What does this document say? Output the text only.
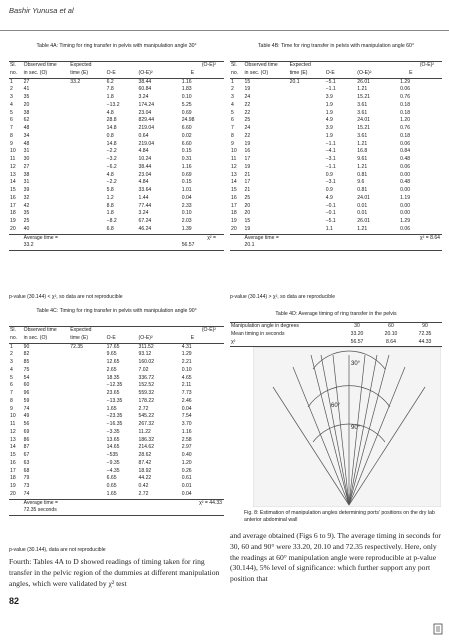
Bashir Yunusa et al
Table 4A: Timing for ring transfer in pelvis with manipulation angle 30°
Sl.	Observed time	Expected		(O-E)²	
no.	in sec. (O)	time (E)	O-E	(O-E)²	E
1	27	33.2	6.2	38.44	1.16
2	41		7.8	60.84	1.83
3	35		1.8	3.24	0.10
4	20		−13.2	174.24	5.25
5	38		4.8	23.04	0.69
6	62		28.8	829.44	24.98
7	48		14.8	219.04	6.60
8	34		0.8	0.64	0.02
9	48		14.8	219.04	6.60
10	31		−2.2	4.84	0.15
11	30		−3.2	10.24	0.31
12	27		−6.2	38.44	1.16
13	38		4.8	23.04	0.69
14	31		−2.2	4.84	0.15
15	39		5.8	33.64	1.01
16	32		1.2	1.44	0.04
17	42		8.8	77.44	2.33
18	35		1.8	3.24	0.10
19	25		−8.2	67.24	2.03
20	40		6.8	46.24	1.39
	Average time =			χ² =	
	33.2				56.57
p-value (30.144) < χ², so data are not reproducible
Table 4B: Time for ring transfer in pelvis with manipulation angle 60°
Sl.	Observed time	Expected		(O-E)²	
no.	in sec. (O)	time (E)	O-E	(O-E)²	E
1	15	20.1	−5.1	26.01	1.29
2	19		−1.1	1.21	0.06
3	24		3.9	15.21	0.76
4	22		1.9	3.61	0.18
5	22		1.9	3.61	0.18
6	25		4.9	24.01	1.20
7	24		3.9	15.21	0.76
8	22		1.9	3.61	0.18
9	19		−1.1	1.21	0.06
10	16		−4.1	16.8	0.84
11	17		−3.1	9.61	0.48
12	19		−1.1	1.21	0.06
13	21		0.9	0.81	0.00
14	17		−3.1	9.6	0.48
15	21		0.9	0.81	0.00
16	25		4.9	24.01	1.19
17	20		−0.1	0.01	0.00
18	20		−0.1	0.01	0.00
19	15		−5.1	26.01	1.29
20	19		1.1	1.21	0.06
	Average time =			χ² = 8.64	
	20.1				
p-value (30.144) > χ², so data are reproducible
Table 4C: Timing for ring transfer in pelvis with manipulation angle 90°
Sl.	Observed time	Expected		(O-E)²	
no.	in sec. (O)	time (E)	O-E	(O-E)²	E
1	90	72.35	17.65	311.52	4.31
2	82		9.65	93.12	1.29
3	85		12.65	160.02	2.21
4	75		2.65	7.02	0.10
5	54		18.35	336.72	4.65
6	60		−12.35	152.52	2.11
7	96		23.65	559.32	7.73
8	59		−13.35	178.22	2.46
9	74		1.65	2.72	0.04
10	49		−23.35	545.22	7.54
11	56		−16.35	267.32	3.70
12	69		−3.35	11.22	1.16
13	86		13.65	186.32	2.58
14	87		14.65	214.62	2.97
15	67		−535	28.62	0.40
16	63		−9.35	87.42	1.20
17	68		−4.35	18.92	0.26
18	79		6.65	44.22	0.61
19	73		0.65	0.42	0.01
20	74		1.65	2.72	0.04
	Average time =			χ² = 44.33	
	72.35 seconds				
p-value (30.144), data are not reproducible
Table 4D: Average timing of ring transfer in the pelvis
Manipulation angle in degrees	30	60	90
Mean timing in seconds	33.20	20.10	72.35
χ²	56.57	8.64	44.33
30°
60°
90°
Fig. 8: Estimation of manipulation angles determining ports' positions on the dry lab anterior abdominal wall
Fourth: Tables 4A to D showed readings of timing taken for ring transfer in the pelvic region of the dummies at different manipulation angles, which were validated by χ² test
and average obtained (Figs 6 to 9). The average timing in seconds for 30, 60 and 90° were 33.20, 20.10 and 72.35 respectively. Here, only the readings at 60° manipulation angle were reproducible at p-value (30.144), 5% level of significance: which further support any port position that
82
